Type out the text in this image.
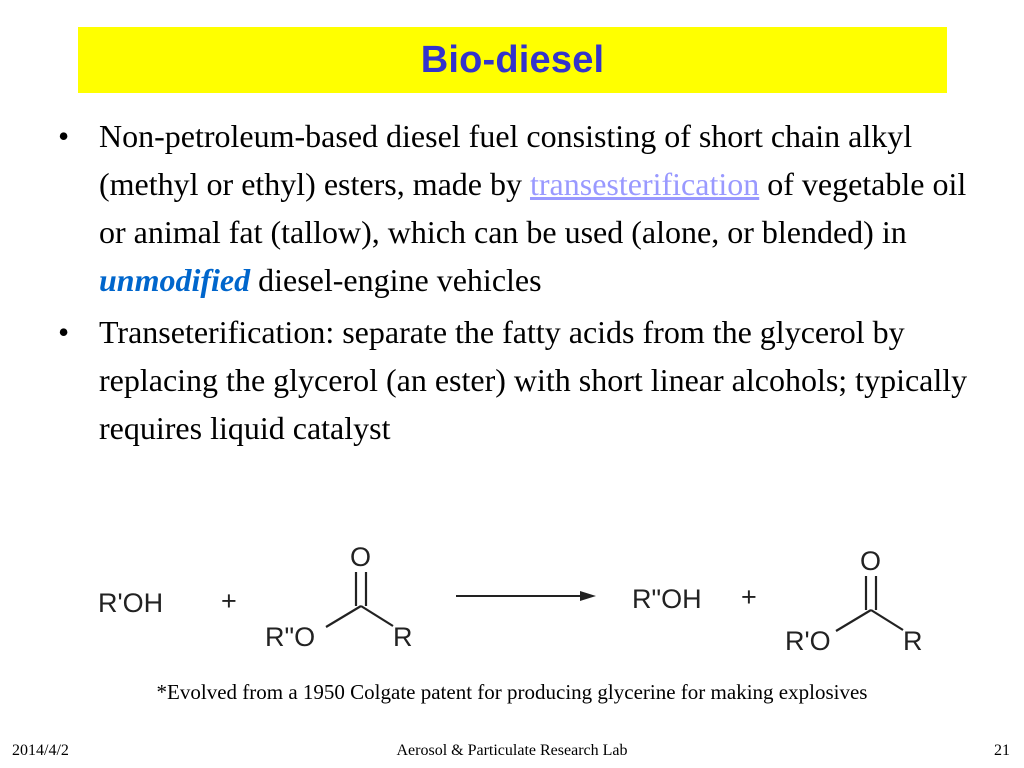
Bio-diesel
• Non-petroleum-based diesel fuel consisting of short chain alkyl (methyl or ethyl) esters, made by transesterification of vegetable oil or animal fat (tallow), which can be used (alone, or blended) in unmodified diesel-engine vehicles
• Transeterification: separate the fatty acids from the glycerol by replacing the glycerol (an ester) with short linear alcohols; typically requires liquid catalyst
R'OH +
O
R"O	R
R"OH +
O
R'O	R
*Evolved from a 1950 Colgate patent for producing glycerine for making explosives
2014/4/2	Aerosol & Particulate Research Lab	21
